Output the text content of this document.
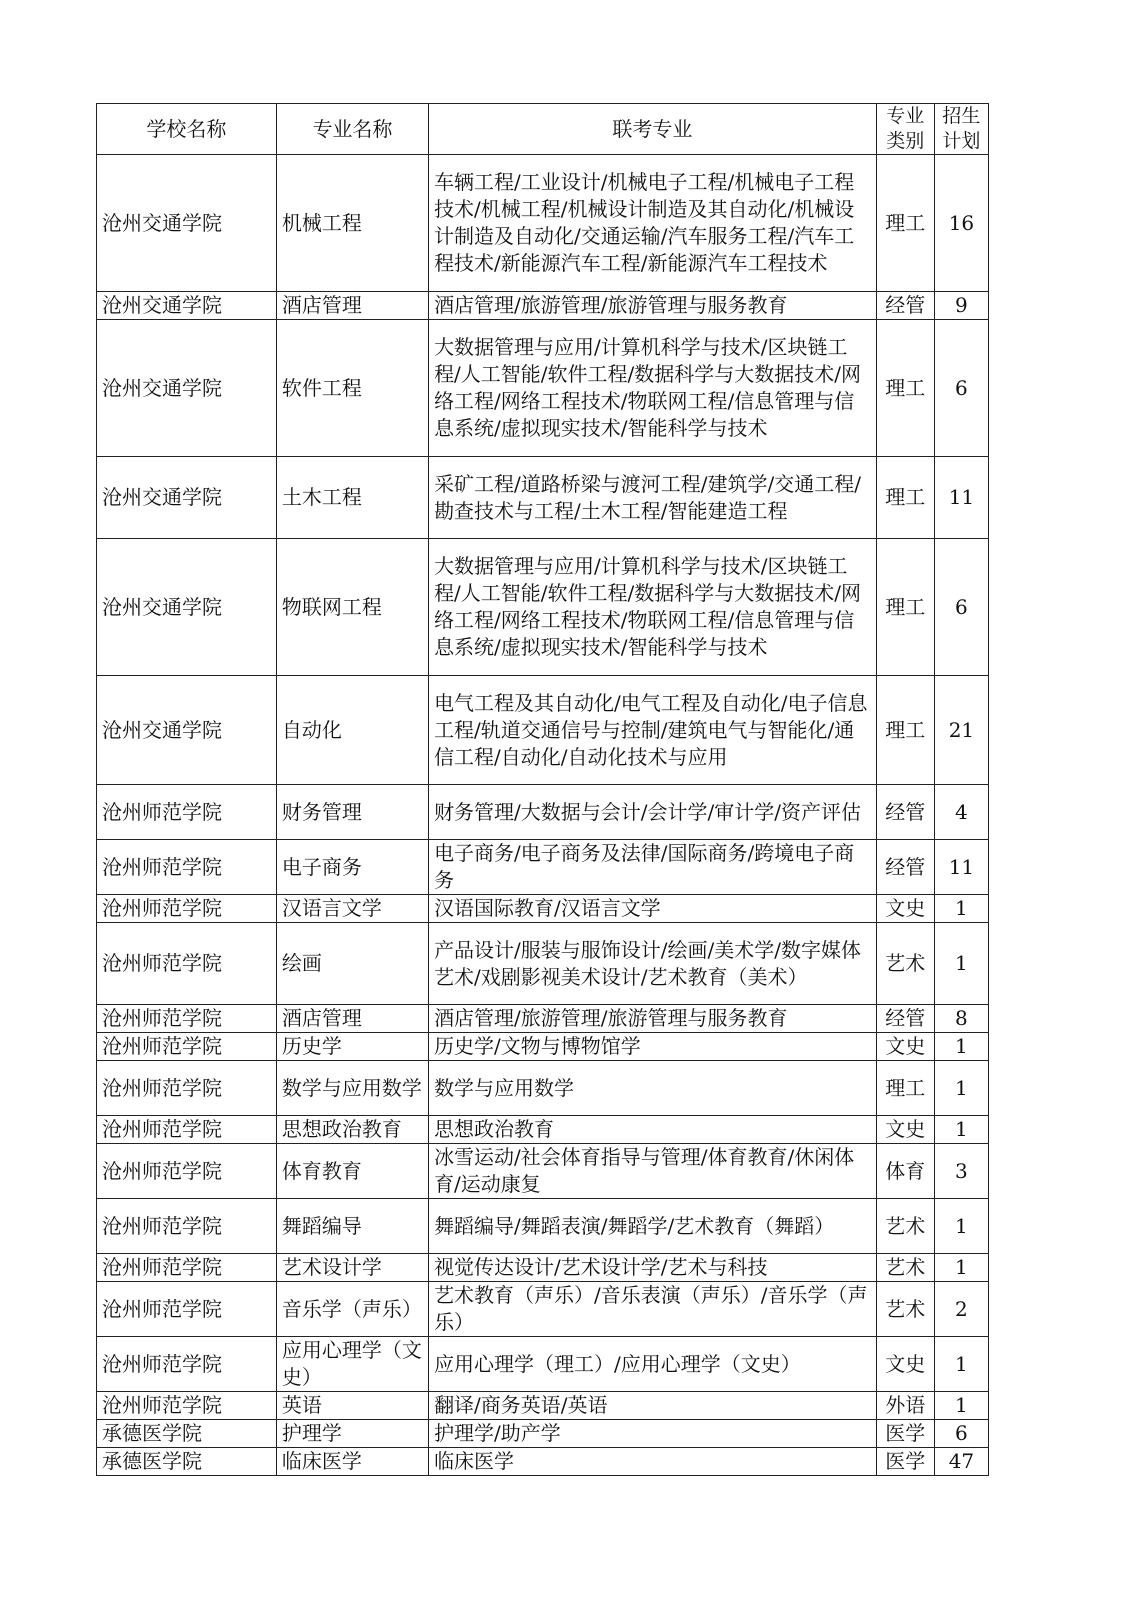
学校名称	专业名称	联考专业	专业类别	招生计划
沧州交通学院	机械工程	车辆工程/工业设计/机械电子工程/机械电子工程技术/机械工程/机械设计制造及其自动化/机械设计制造及自动化/交通运输/汽车服务工程/汽车工程技术/新能源汽车工程/新能源汽车工程技术	理工	16
沧州交通学院	酒店管理	酒店管理/旅游管理/旅游管理与服务教育	经管	9
沧州交通学院	软件工程	大数据管理与应用/计算机科学与技术/区块链工程/人工智能/软件工程/数据科学与大数据技术/网络工程/网络工程技术/物联网工程/信息管理与信息系统/虚拟现实技术/智能科学与技术	理工	6
沧州交通学院	土木工程	采矿工程/道路桥梁与渡河工程/建筑学/交通工程/勘查技术与工程/土木工程/智能建造工程	理工	11
沧州交通学院	物联网工程	大数据管理与应用/计算机科学与技术/区块链工程/人工智能/软件工程/数据科学与大数据技术/网络工程/网络工程技术/物联网工程/信息管理与信息系统/虚拟现实技术/智能科学与技术	理工	6
沧州交通学院	自动化	电气工程及其自动化/电气工程及自动化/电子信息工程/轨道交通信号与控制/建筑电气与智能化/通信工程/自动化/自动化技术与应用	理工	21
沧州师范学院	财务管理	财务管理/大数据与会计/会计学/审计学/资产评估	经管	4
沧州师范学院	电子商务	电子商务/电子商务及法律/国际商务/跨境电子商务	经管	11
沧州师范学院	汉语言文学	汉语国际教育/汉语言文学	文史	1
沧州师范学院	绘画	产品设计/服装与服饰设计/绘画/美术学/数字媒体艺术/戏剧影视美术设计/艺术教育（美术）	艺术	1
沧州师范学院	酒店管理	酒店管理/旅游管理/旅游管理与服务教育	经管	8
沧州师范学院	历史学	历史学/文物与博物馆学	文史	1
沧州师范学院	数学与应用数学	数学与应用数学	理工	1
沧州师范学院	思想政治教育	思想政治教育	文史	1
沧州师范学院	体育教育	冰雪运动/社会体育指导与管理/体育教育/休闲体育/运动康复	体育	3
沧州师范学院	舞蹈编导	舞蹈编导/舞蹈表演/舞蹈学/艺术教育（舞蹈）	艺术	1
沧州师范学院	艺术设计学	视觉传达设计/艺术设计学/艺术与科技	艺术	1
沧州师范学院	音乐学（声乐）	艺术教育（声乐）/音乐表演（声乐）/音乐学（声乐）	艺术	2
沧州师范学院	应用心理学（文史）	应用心理学（理工）/应用心理学（文史）	文史	1
沧州师范学院	英语	翻译/商务英语/英语	外语	1
承德医学院	护理学	护理学/助产学	医学	6
承德医学院	临床医学	临床医学	医学	47
